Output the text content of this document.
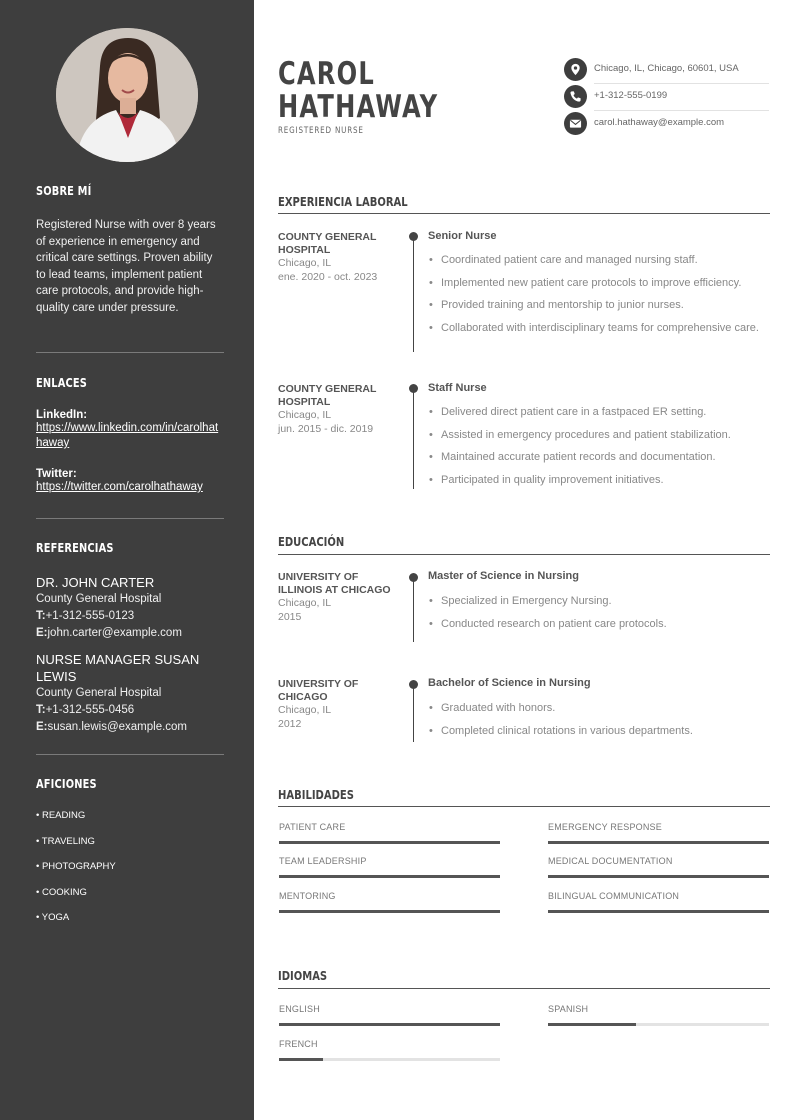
SOBRE MÍ
Registered Nurse with over 8 years of experience in emergency and critical care settings. Proven ability to lead teams, implement patient care protocols, and provide high-quality care under pressure.
ENLACES
LinkedIn:
https://www.linkedin.com/in/carolhathaway
Twitter:
https://twitter.com/carolhathaway
REFERENCIAS
DR. JOHN CARTER
County General Hospital
T:+1-312-555-0123
E:john.carter@example.com
NURSE MANAGER SUSAN LEWIS
County General Hospital
T:+1-312-555-0456
E:susan.lewis@example.com
AFICIONES
• READING
• TRAVELING
• PHOTOGRAPHY
• COOKING
• YOGA
CAROL
HATHAWAY
REGISTERED NURSE
Chicago, IL, Chicago, 60601, USA
+1-312-555-0199
carol.hathaway@example.com
EXPERIENCIA LABORAL
COUNTY GENERAL HOSPITAL
Chicago, IL
ene. 2020 - oct. 2023
Senior Nurse
• Coordinated patient care and managed nursing staff.
• Implemented new patient care protocols to improve efficiency.
• Provided training and mentorship to junior nurses.
• Collaborated with interdisciplinary teams for comprehensive care.
COUNTY GENERAL HOSPITAL
Chicago, IL
jun. 2015 - dic. 2019
Staff Nurse
• Delivered direct patient care in a fastpaced ER setting.
• Assisted in emergency procedures and patient stabilization.
• Maintained accurate patient records and documentation.
• Participated in quality improvement initiatives.
EDUCACIÓN
UNIVERSITY OF ILLINOIS AT CHICAGO
Chicago, IL
2015
Master of Science in Nursing
• Specialized in Emergency Nursing.
• Conducted research on patient care protocols.
UNIVERSITY OF CHICAGO
Chicago, IL
2012
Bachelor of Science in Nursing
• Graduated with honors.
• Completed clinical rotations in various departments.
HABILIDADES
PATIENT CARE	EMERGENCY RESPONSE
TEAM LEADERSHIP	MEDICAL DOCUMENTATION
MENTORING	BILINGUAL COMMUNICATION
IDIOMAS
ENGLISH	SPANISH
FRENCH
